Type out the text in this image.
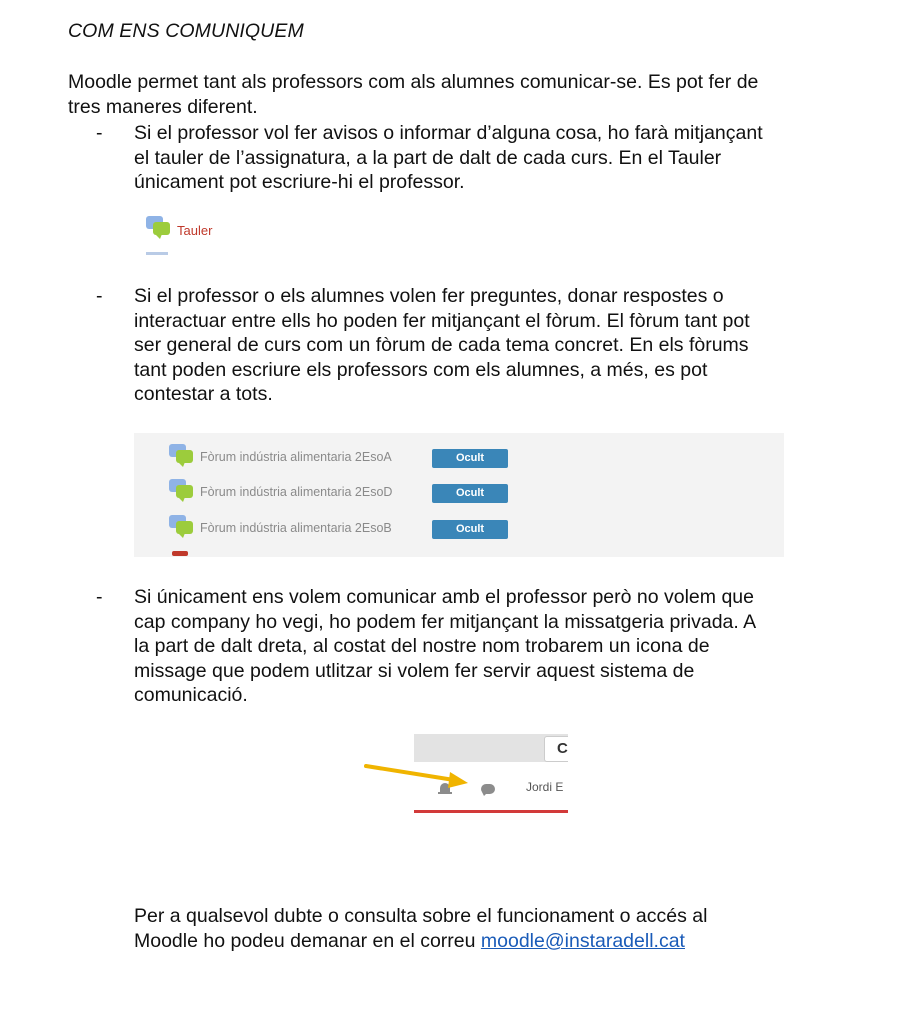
COM ENS COMUNIQUEM
Moodle permet tant als professors com als alumnes comunicar-se. Es pot fer de
tres maneres diferent.
- Si el professor vol fer avisos o informar d’alguna cosa, ho farà mitjançant
el tauler de l’assignatura, a la part de dalt de cada curs. En el Tauler
únicament pot escriure-hi el professor.
Tauler
- Si el professor o els alumnes volen fer preguntes, donar respostes o
interactuar entre ells ho poden fer mitjançant el fòrum. El fòrum tant pot
ser general de curs com un fòrum de cada tema concret. En els fòrums
tant poden escriure els professors com els alumnes, a més, es pot
contestar a tots.
Fòrum indústria alimentaria 2EsoA	Ocult
Fòrum indústria alimentaria 2EsoD	Ocult
Fòrum indústria alimentaria 2EsoB	Ocult
- Si únicament ens volem comunicar amb el professor però no volem que
cap company ho vegi, ho podem fer mitjançant la missatgeria privada. A
la part de dalt dreta, al costat del nostre nom trobarem un icona de
missage que podem utlitzar si volem fer servir aquest sistema de
comunicació.
C
Jordi E
Per a qualsevol dubte o consulta sobre el funcionament o accés al
Moodle ho podeu demanar en el correu moodle@instaradell.cat
